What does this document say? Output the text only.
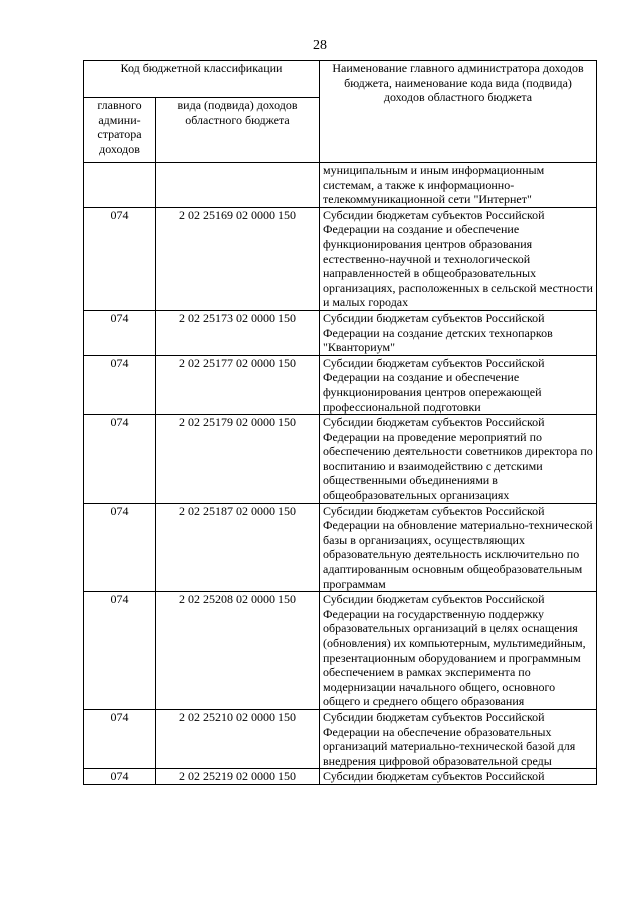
28
Код бюджетной классификации		Наименование главного администратора доходов бюджета, наименование кода вида (подвида) доходов областного бюджета
главного админи-стратора доходов	вида (подвида) доходов областного бюджета	
		муниципальным и иным информационным системам, а также к информационно-телекоммуникационной сети "Интернет"
074	2 02 25169 02 0000 150	Субсидии бюджетам субъектов Российской Федерации на создание и обеспечение функционирования центров образования естественно-научной и технологической направленностей в общеобразовательных организациях, расположенных в сельской местности и малых городах
074	2 02 25173 02 0000 150	Субсидии бюджетам субъектов Российской Федерации на создание детских технопарков "Кванториум"
074	2 02 25177 02 0000 150	Субсидии бюджетам субъектов Российской Федерации на создание и обеспечение функционирования центров опережающей профессиональной подготовки
074	2 02 25179 02 0000 150	Субсидии бюджетам субъектов Российской Федерации на проведение мероприятий по обеспечению деятельности советников директора по воспитанию и взаимодействию с детскими общественными объединениями в общеобразовательных организациях
074	2 02 25187 02 0000 150	Субсидии бюджетам субъектов Российской Федерации на обновление материально-технической базы в организациях, осуществляющих образовательную деятельность исключительно по адаптированным основным общеобразовательным программам
074	2 02 25208 02 0000 150	Субсидии бюджетам субъектов Российской Федерации на государственную поддержку образовательных организаций в целях оснащения (обновления) их компьютерным, мультимедийным, презентационным оборудованием и программным обеспечением в рамках эксперимента по модернизации начального общего, основного общего и среднего общего образования
074	2 02 25210 02 0000 150	Субсидии бюджетам субъектов Российской Федерации на обеспечение образовательных организаций материально-технической базой для внедрения цифровой образовательной среды
074	2 02 25219 02 0000 150	Субсидии бюджетам субъектов Российской
